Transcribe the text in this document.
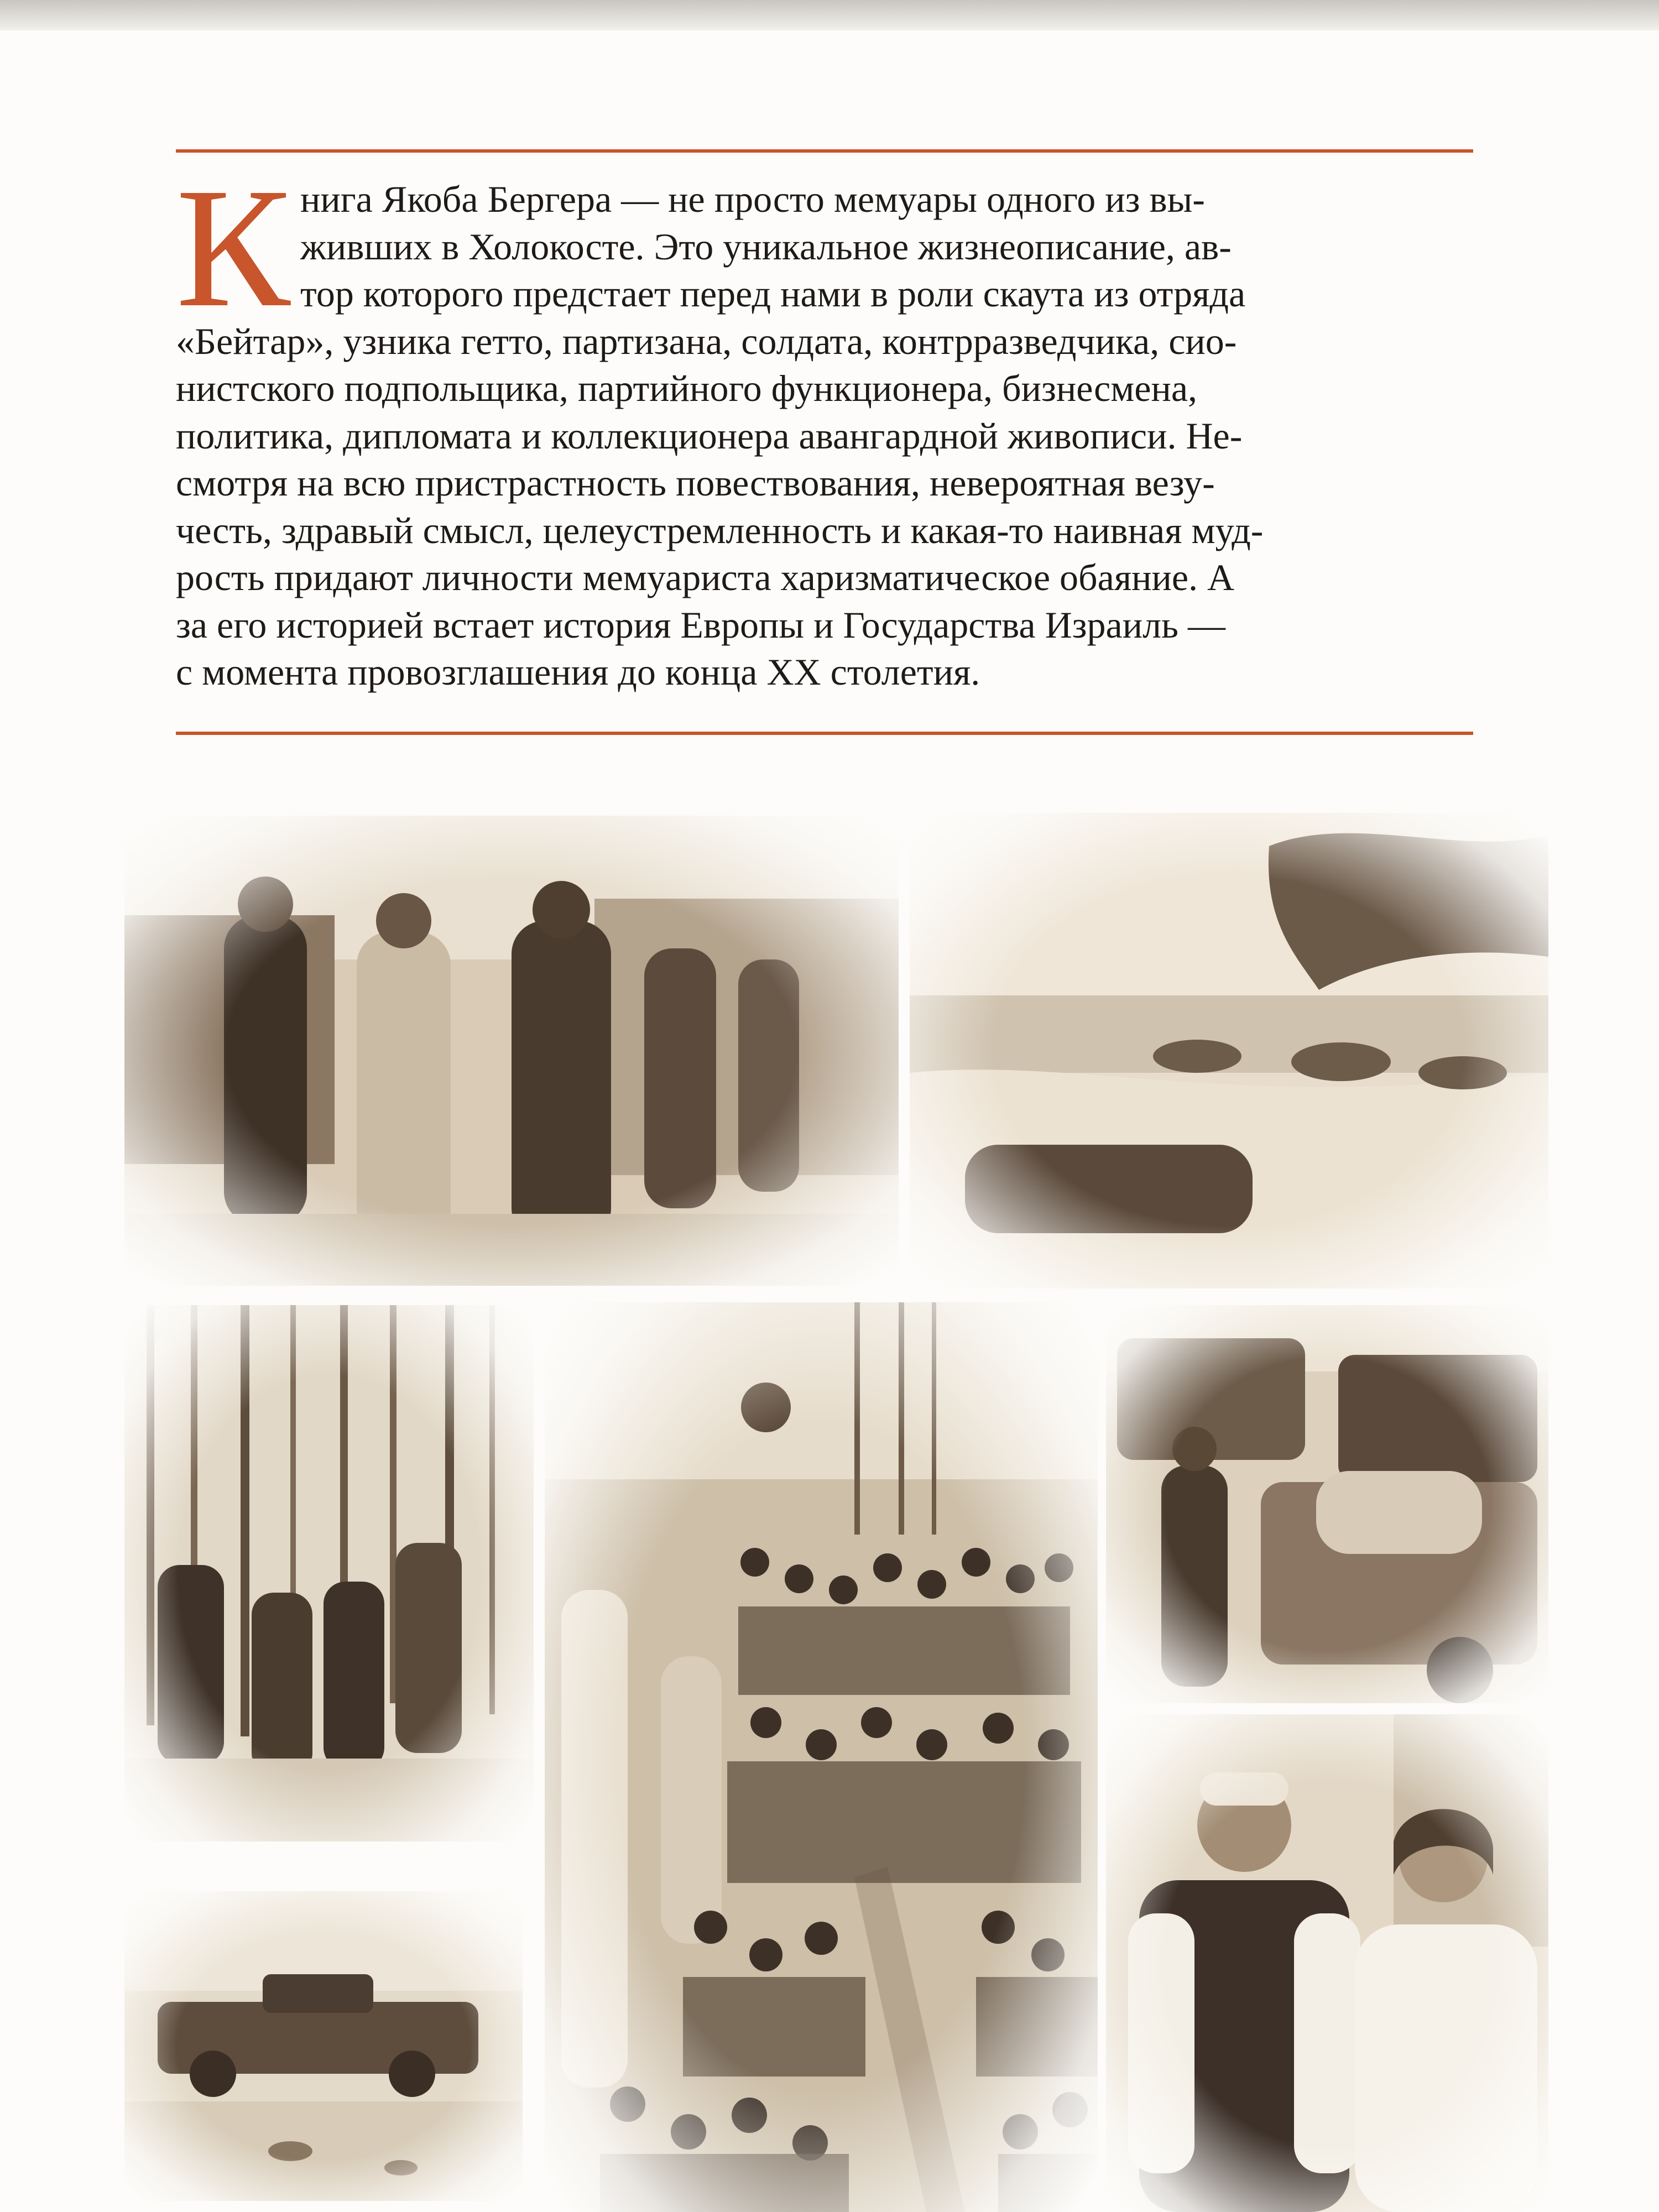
К нига Якоба Бергера — не просто мемуары одного из вы-
живших в Холокосте. Это уникальное жизнеописание, ав-
тор которого предстает перед нами в роли скаута из отряда
«Бейтар», узника гетто, партизана, солдата, контрразведчика, сио-
нистского подпольщика, партийного функционера, бизнесмена,
политика, дипломата и коллекционера авангардной живописи. Не-
смотря на всю пристрастность повествования, невероятная везу-
честь, здравый смысл, целеустремленность и какая-то наивная муд-
рость придают личности мемуариста харизматическое обаяние. А
за его историей встает история Европы и Государства Израиль —
с момента провозглашения до конца XX столетия.
